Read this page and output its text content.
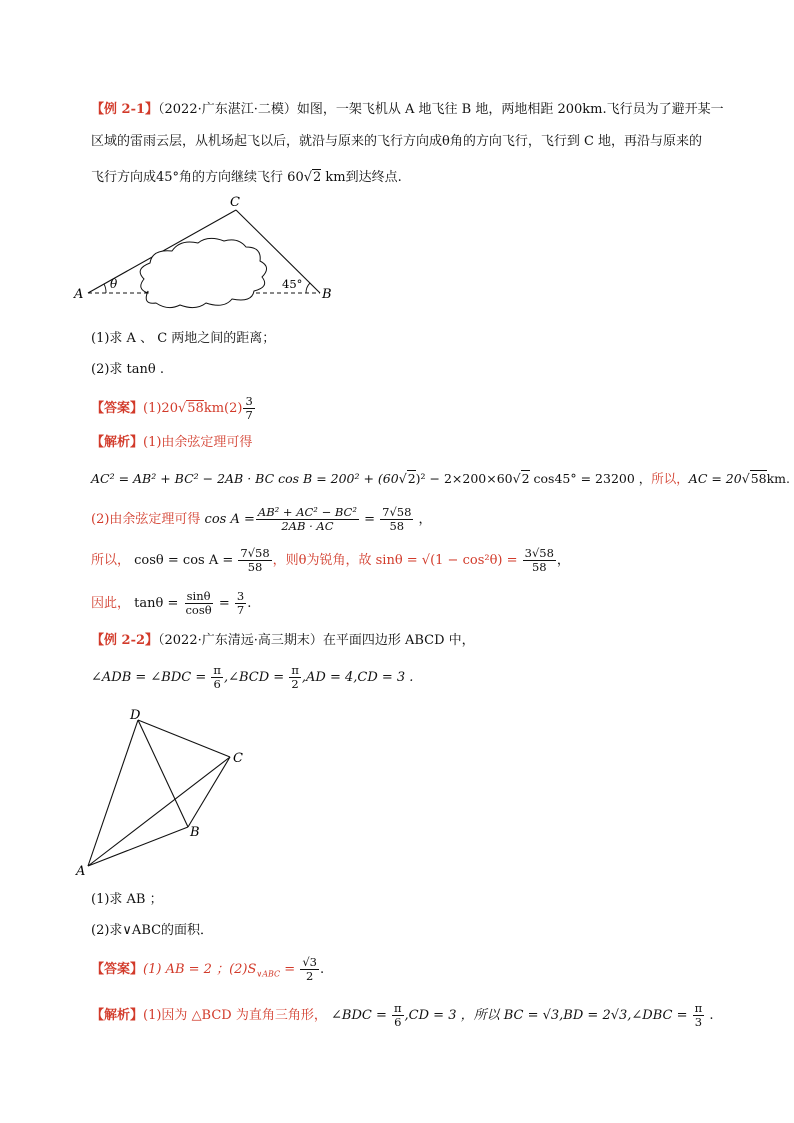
【例 2-1】（2022·广东湛江·二模）如图，一架飞机从 A 地飞往 B 地，两地相距 200km.飞行员为了避开某一
区域的雷雨云层，从机场起飞以后，就沿与原来的飞行方向成θ角的方向飞行，飞行到 C 地，再沿与原来的
飞行方向成45°角的方向继续飞行 60√2 km到达终点.
θ	45°
A	B
C
(1)求 A 、 C 两地之间的距离；
(2)求 tanθ .
【答案】$(1)20√58km(2) \frac{3}{7}$
【解析】(1)由余弦定理可得
AC² = AB² + BC² − 2AB · BC cos B = 200² + (60√2)² − 2×200×60√2 cos45° = 23200 ，所以，AC = 20√58km.
(2)由余弦定理可得 $\cos A = \frac{\text{AB² + AC² − BC²}}{2AB \cdot AC} = \frac{7√58}{58}$ ，
所以， $\cos\theta = \cos A = \frac{7√58}{58}$ ，则θ为锐角，故 $\sin\theta = √(1 - \cos^2\theta) = \frac{3√58}{58}$ ，
因此， $\tan\theta = \frac{\sin\theta}{\cos\theta} = \frac{3}{7}$ .
【例 2-2】（2022·广东清远·高三期末）在平面四边形 ABCD 中，
∠ADB = ∠BDC = $\frac{\pi}{6}$ ,∠BCD = $\frac{\pi}{2} ,AD = 4,CD = 3$ .
D
C
B
A
(1)求 AB ；
(2)求∨ABC的面积．
【答案】(1) AB = 2 ；$(2)S_{\vee ABC} = \frac{√3}{2}$ .
【解析】(1)因为 △BCD 为直角三角形， ∠BDC = $\frac{\pi}{6} ,CD = 3$ ，所以 BC = √3,BD = 2√3,∠DBC = $\frac{\pi}{3}$ .
